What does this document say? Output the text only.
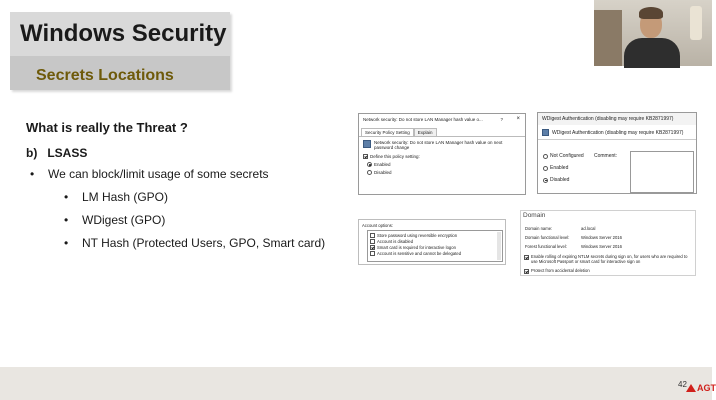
Windows Security
Secrets Locations
What is really the Threat ?
b) LSASS
• We can block/limit usage of some secrets
• LM Hash (GPO)
• WDigest (GPO)
• NT Hash (Protected Users, GPO, Smart card)
Network security: Do not store LAN Manager hash value o...	? ×
Security Policy Setting	Explain
Network security: Do not store LAN Manager hash value on next password change
Define this policy setting:
Enabled
Disabled
WDigest Authentication (disabling may require KB2871997)
WDigest Authentication (disabling may require KB2871997)
Not Configured
Enabled
Disabled
Comment:
Account options:
Store password using reversible encryption
Account is disabled
Smart card is required for interactive logon
Account is sensitive and cannot be delegated
Domain
Domain name:	ad.local
Domain functional level:	Windows Server 2016
Forest functional level:	Windows Server 2016
Enable rolling of expiring NTLM secrets during sign on, for users who are required to use Microsoft Passport or smart card for interactive sign on
Protect from accidental deletion
42	AGT
